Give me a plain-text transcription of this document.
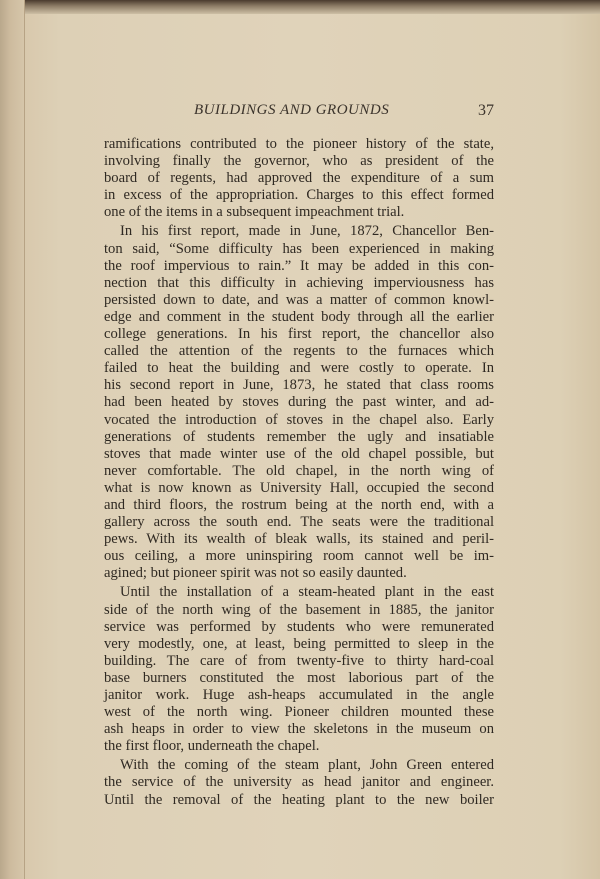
BUILDINGS AND GROUNDS	37
ramifications contributed to the pioneer history of the state,
involving finally the governor, who as president of the
board of regents, had approved the expenditure of a sum
in excess of the appropriation. Charges to this effect formed
one of the items in a subsequent impeachment trial.
In his first report, made in June, 1872, Chancellor Ben-
ton said, “Some difficulty has been experienced in making
the roof impervious to rain.” It may be added in this con-
nection that this difficulty in achieving imperviousness has
persisted down to date, and was a matter of common knowl-
edge and comment in the student body through all the earlier
college generations. In his first report, the chancellor also
called the attention of the regents to the furnaces which
failed to heat the building and were costly to operate. In
his second report in June, 1873, he stated that class rooms
had been heated by stoves during the past winter, and ad-
vocated the introduction of stoves in the chapel also. Early
generations of students remember the ugly and insatiable
stoves that made winter use of the old chapel possible, but
never comfortable. The old chapel, in the north wing of
what is now known as University Hall, occupied the second
and third floors, the rostrum being at the north end, with a
gallery across the south end. The seats were the traditional
pews. With its wealth of bleak walls, its stained and peril-
ous ceiling, a more uninspiring room cannot well be im-
agined; but pioneer spirit was not so easily daunted.
Until the installation of a steam-heated plant in the east
side of the north wing of the basement in 1885, the janitor
service was performed by students who were remunerated
very modestly, one, at least, being permitted to sleep in the
building. The care of from twenty-five to thirty hard-coal
base burners constituted the most laborious part of the
janitor work. Huge ash-heaps accumulated in the angle
west of the north wing. Pioneer children mounted these
ash heaps in order to view the skeletons in the museum on
the first floor, underneath the chapel.
With the coming of the steam plant, John Green entered
the service of the university as head janitor and engineer.
Until the removal of the heating plant to the new boiler
